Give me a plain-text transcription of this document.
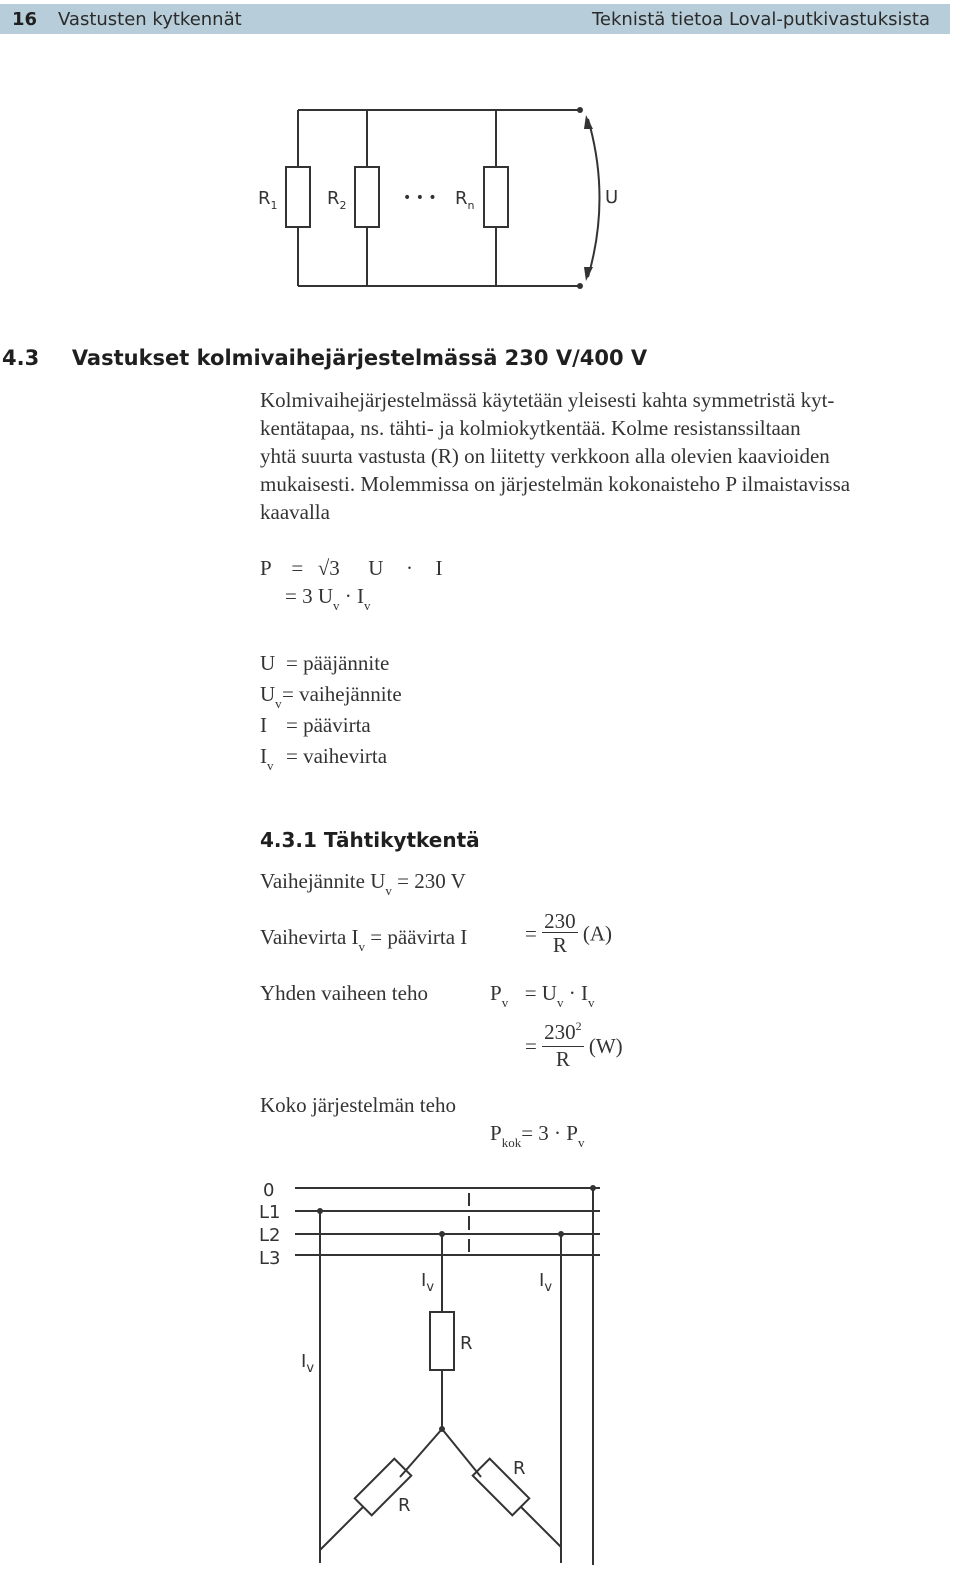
16 Vastusten kytkennät	Teknistä tietoa Loval-putkivastuksista
$R_1$	$R_2$	$R_n$
• • •	U
4.3 Vastukset kolmivaihejärjestelmässä 230 V/400 V
Kolmivaihejärjestelmässä käytetään yleisesti kahta symmetristä kyt-
kentätapaa, ns. tähti- ja kolmiokytkentää. Kolme resistanssiltaan
yhtä suurta vastusta (R) on liitetty verkkoon alla olevien kaavioiden
mukaisesti. Molemmissa on järjestelmän kokonaisteho P ilmaistavissa
kaavalla
P = √3 U · I
= 3 $U_v \cdot I_v$
U = pääjännite
$U_v=$ vaihejännite
I = päävirta
$I_v$ = vaihevirta
4.3.1 Tähtikytkentä
Vaihejännite $U_v = 230$ V
Vaihevirta $I_v$ = päävirta I	= $\frac{230}{R} (A)$
Yhden vaiheen teho	$P_v = U_v \cdot I_v$
= $\frac{230^2}{R} (W)$
Koko järjestelmän teho
$P_{kok}= 3 \cdot P_v$
0
L1
L2
L3
$I_v$	$I_v$
$I_v$
R
R
R
